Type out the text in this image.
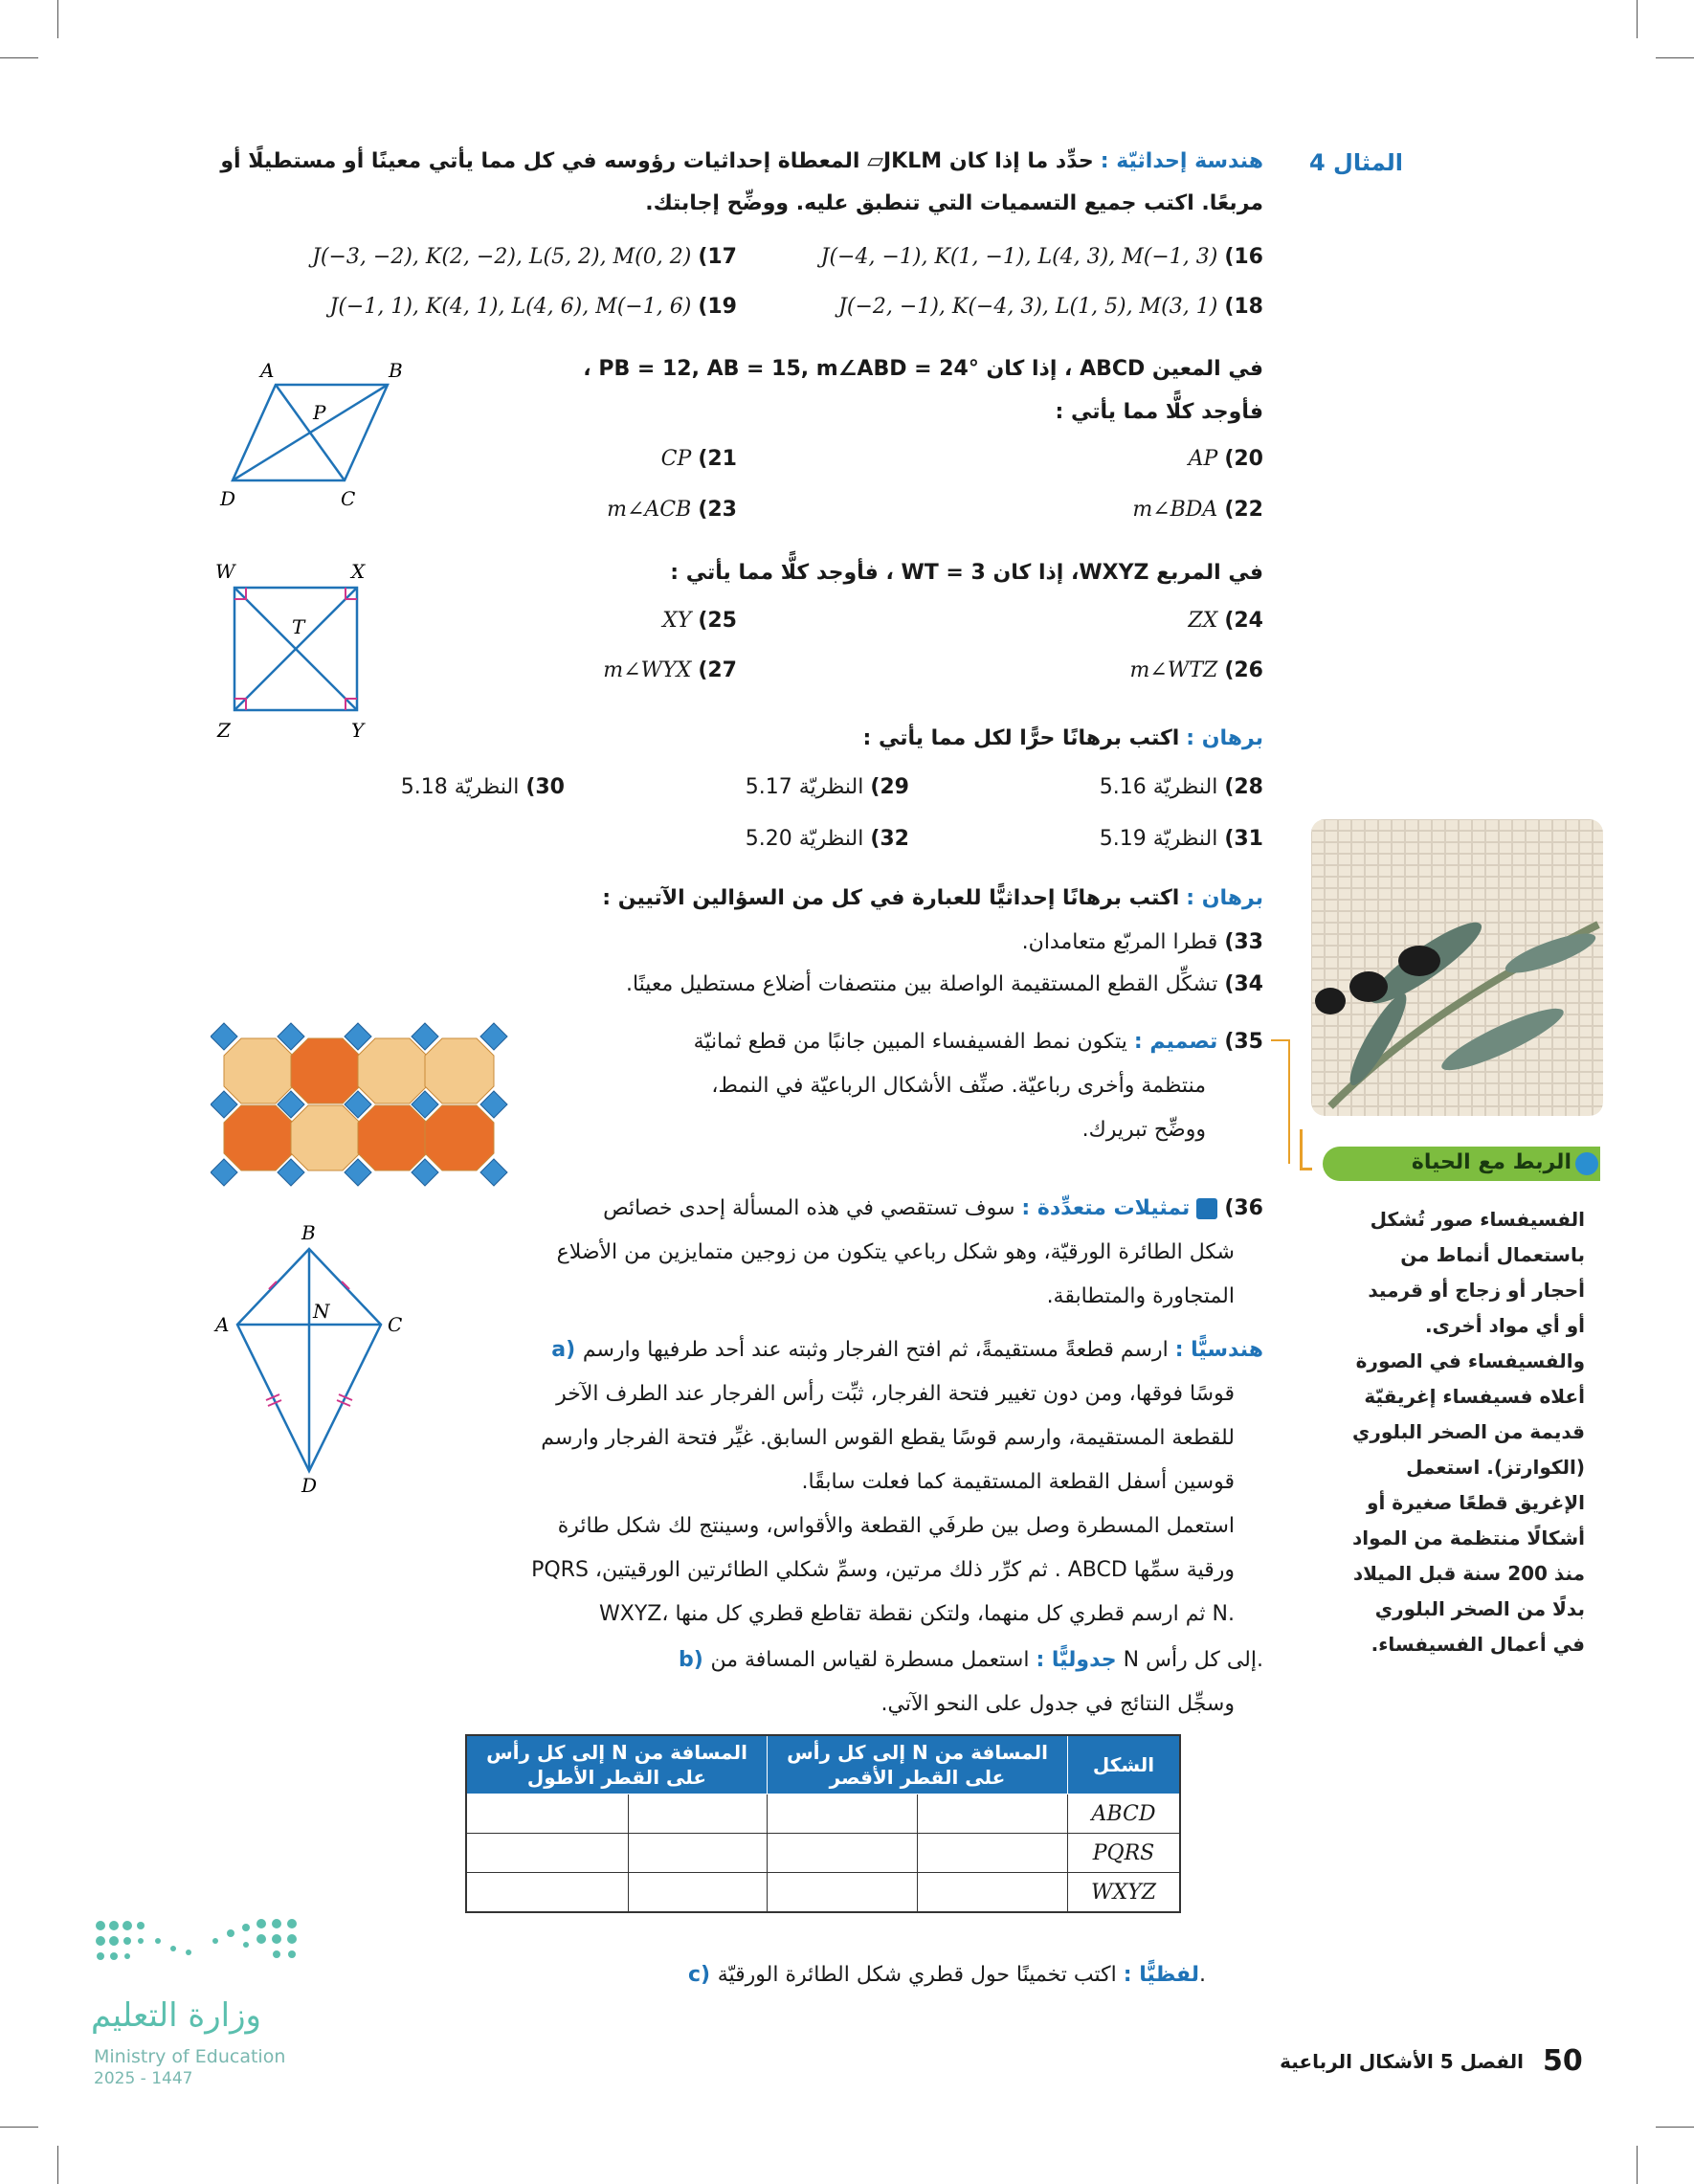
المثال 4
هندسة إحداثيّة : حدِّد ما إذا كان JKLM▱ المعطاة إحداثيات رؤوسه في كل مما يأتي معينًا أو مستطيلًا أو
مربعًا. اكتب جميع التسميات التي تنطبق عليه. ووضِّح إجابتك.
16) J(−4, −1), K(1, −1), L(4, 3), M(−1, 3)
17) J(−3, −2), K(2, −2), L(5, 2), M(0, 2)
18) J(−2, −1), K(−4, 3), L(1, 5), M(3, 1)
19) J(−1, 1), K(4, 1), L(4, 6), M(−1, 6)
A	B
D	C
P
في المعين ABCD ، إذا كان PB = 12, AB = 15, m∠ABD = 24° ،
فأوجد كلًّا مما يأتي :
20) AP
21) CP
22) m∠BDA
23) m∠ACB
W	X
Z	Y
T
في المربع WXYZ، إذا كان WT = 3 ، فأوجد كلًّا مما يأتي :
24) ZX
25) XY
26) m∠WTZ
27) m∠WYX
برهان : اكتب برهانًا حرًّا لكل مما يأتي :
28) النظريّة 5.16
29) النظريّة 5.17
30) النظريّة 5.18
31) النظريّة 5.19
32) النظريّة 5.20
برهان : اكتب برهانًا إحداثيًّا للعبارة في كل من السؤالين الآتيين :
33) قطرا المربّع متعامدان.
34) تشكِّل القطع المستقيمة الواصلة بين منتصفات أضلاع مستطيل معينًا.
35) تصميم : يتكون نمط الفسيفساء المبين جانبًا من قطع ثمانيّة
منتظمة وأخرى رباعيّة. صنِّف الأشكال الرباعيّة في النمط،
ووضِّح تبريرك.
36)  تمثيلات متعدِّدة : سوف تستقصي في هذه المسألة إحدى خصائص
شكل الطائرة الورقيّة، وهو شكل رباعي يتكون من زوجين متمايزين من الأضلاع
المتجاورة والمتطابقة.
B
A	C
N
D
a) هندسيًّا : ارسم قطعةً مستقيمةً، ثم افتح الفرجار وثبته عند أحد طرفيها وارسم
قوسًا فوقها، ومن دون تغيير فتحة الفرجار، ثبِّت رأس الفرجار عند الطرف الآخر
للقطعة المستقيمة، وارسم قوسًا يقطع القوس السابق. غيِّر فتحة الفرجار وارسم
قوسين أسفل القطعة المستقيمة كما فعلت سابقًا.
استعمل المسطرة وصل بين طرفَي القطعة والأقواس، وسينتج لك شكل طائرة
ورقية سمِّها ABCD . ثم كرِّر ذلك مرتين، وسمِّ شكلي الطائرتين الورقيتين، PQRS
WXYZ، ثم ارسم قطري كل منهما، ولتكن نقطة تقاطع قطري كل منها N.
b) جدوليًّا : استعمل مسطرة لقياس المسافة من N إلى كل رأس.
وسجِّل النتائج في جدول على النحو الآتي.
الشكل	المسافة من N إلى كل رأس على القطر الأقصر		المسافة من N إلى كل رأس على القطر الأطول	
ABCD				
PQRS				
WXYZ				
c) لفظيًّا : اكتب تخمينًا حول قطري شكل الطائرة الورقيّة.
الربط مع الحياة
الفسيفساء صور تُشكل
باستعمال أنماط من
أحجار أو زجاج أو قرميد
أو أي مواد أخرى.
والفسيفساء في الصورة
أعلاه فسيفساء إغريقيّة
قديمة من الصخر البلوري
(الكوارتز). استعمل
الإغريق قطعًا صغيرة أو
أشكالًا منتظمة من المواد
منذ 200 سنة قبل الميلاد
بدلًا من الصخر البلوري
في أعمال الفسيفساء.
وزارة التعليم
Ministry of Education
2025 - 1447
50
الفصل 5 الأشكال الرباعية
